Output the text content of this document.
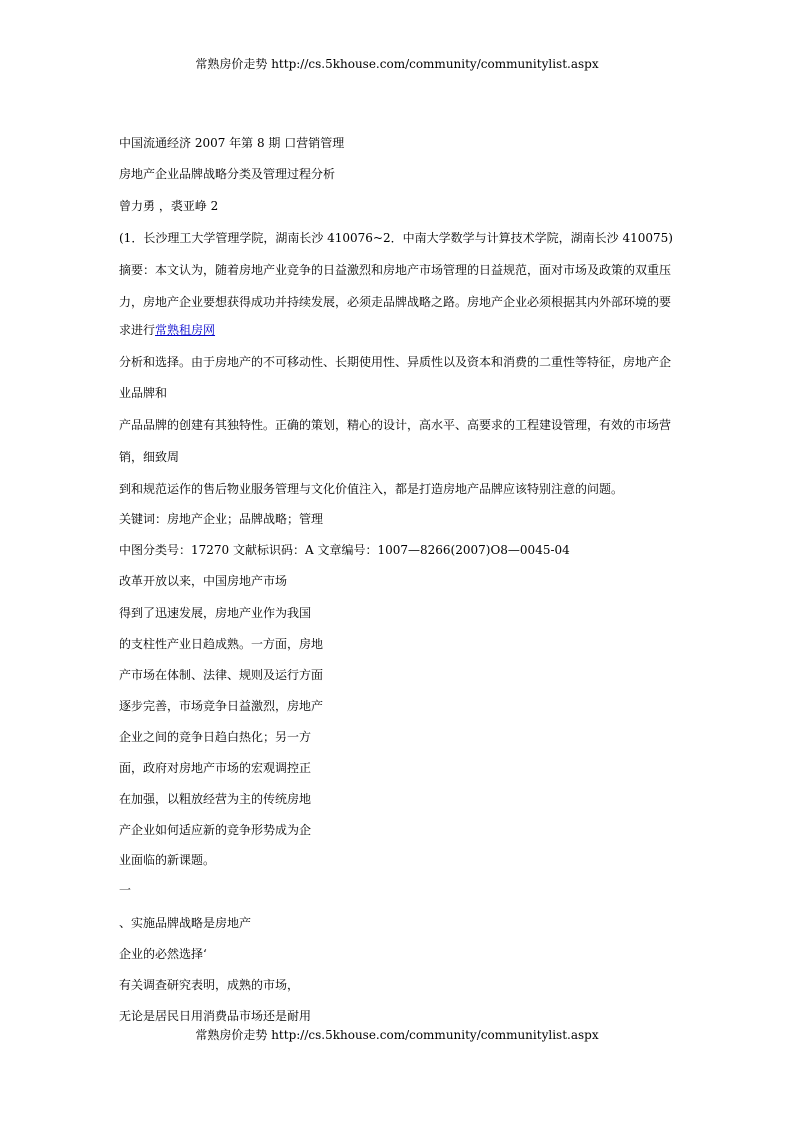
常熟房价走势 http://cs.5khouse.com/community/communitylist.aspx

中国流通经济 2007 年第 8 期 口营销管理

房地产企业品牌战略分类及管理过程分析

曾力勇 ，裘亚峥 2

(1．长沙理工大学管理学院，湖南长沙 410076~2．中南大学数学与计算技术学院，湖南长沙 410075)

摘要：本文认为，随着房地产业竞争的日益激烈和房地产市场管理的日益规范，面对市场及政策的双重压

力，房地产企业要想获得成功并持续发展，必须走品牌战略之路。房地产企业必须根据其内外部环境的要

求进行常熟租房网

分析和选择。由于房地产的不可移动性、长期使用性、异质性以及资本和消费的二重性等特征，房地产企

业品牌和

产品品牌的创建有其独特性。正确的策划，精心的设计，高水平、高要求的工程建设管理，有效的市场营

销，细致周

到和规范运作的售后物业服务管理与文化价值注入，都是打造房地产品牌应该特别注意的问题。

关键词：房地产企业；品牌战略；管理

中图分类号：17270 文献标识码：A 文章编号：1007—8266(2007)O8—0045-04

改革开放以来，中国房地产市场

得到了迅速发展，房地产业作为我国

的支柱性产业日趋成熟。一方面，房地

产市场在体制、法律、规则及运行方面

逐步完善，市场竞争日益激烈，房地产

企业之间的竞争日趋白热化；另一方

面，政府对房地产市场的宏观调控正

在加强，以粗放经营为主的传统房地

产企业如何适应新的竞争形势成为企

业面临的新课题。

一

、实施品牌战略是房地产

企业的必然选择‘

有关调查研究表明，成熟的市场，

无论是居民日用消费品市场还是耐用

常熟房价走势 http://cs.5khouse.com/community/communitylist.aspx
